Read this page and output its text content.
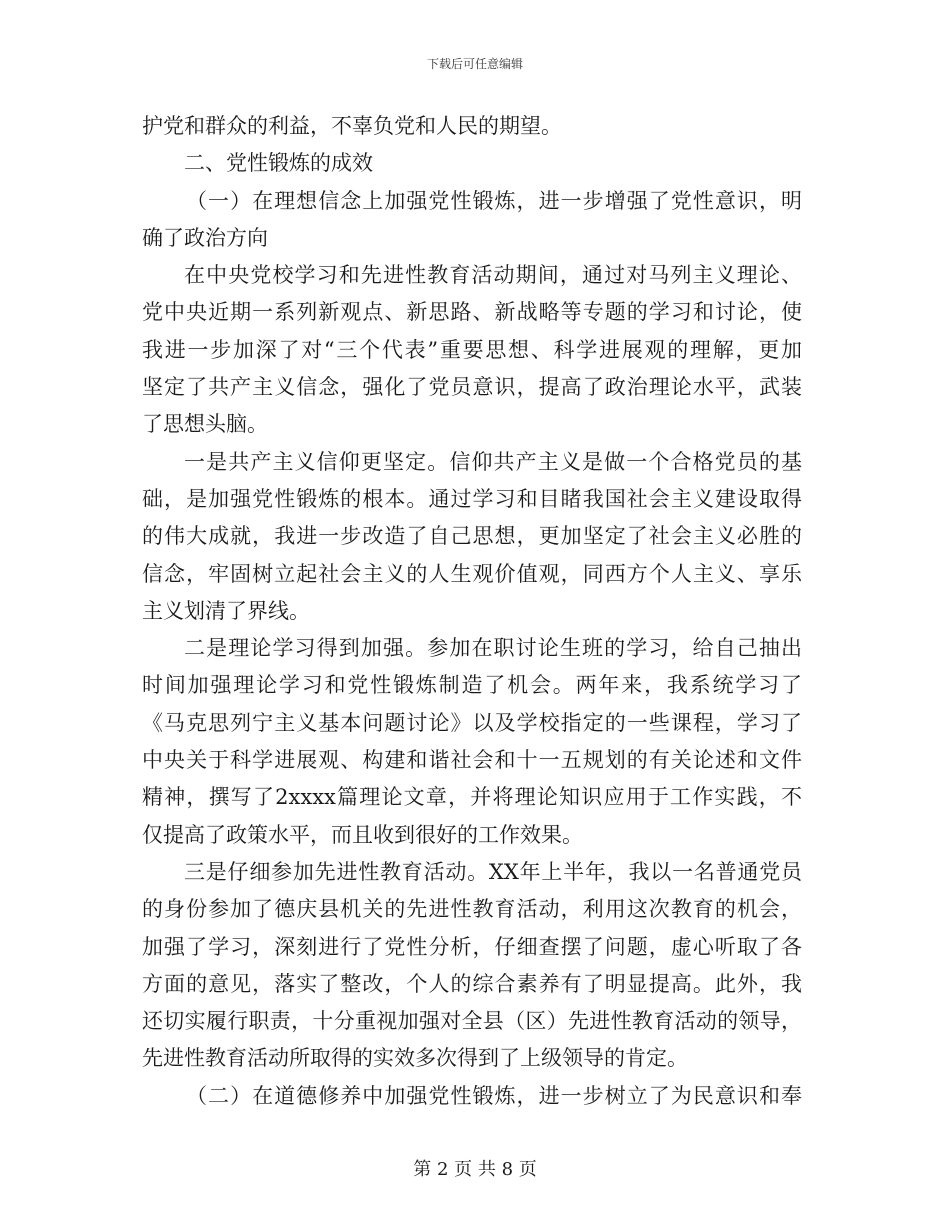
下载后可任意编辑
护党和群众的利益，不辜负党和人民的期望。
二、党性锻炼的成效
（一）在理想信念上加强党性锻炼，进一步增强了党性意识，明
确了政治方向
在中央党校学习和先进性教育活动期间，通过对马列主义理论、
党中央近期一系列新观点、新思路、新战略等专题的学习和讨论，使
我进一步加深了对“三个代表”重要思想、科学进展观的理解，更加
坚定了共产主义信念，强化了党员意识，提高了政治理论水平，武装
了思想头脑。
一是共产主义信仰更坚定。信仰共产主义是做一个合格党员的基
础，是加强党性锻炼的根本。通过学习和目睹我国社会主义建设取得
的伟大成就，我进一步改造了自己思想，更加坚定了社会主义必胜的
信念，牢固树立起社会主义的人生观价值观，同西方个人主义、享乐
主义划清了界线。
二是理论学习得到加强。参加在职讨论生班的学习，给自己抽出
时间加强理论学习和党性锻炼制造了机会。两年来，我系统学习了
《马克思列宁主义基本问题讨论》以及学校指定的一些课程，学习了
中央关于科学进展观、构建和谐社会和十一五规划的有关论述和文件
精神，撰写了2xxxx篇理论文章，并将理论知识应用于工作实践，不
仅提高了政策水平，而且收到很好的工作效果。
三是仔细参加先进性教育活动。XX年上半年，我以一名普通党员
的身份参加了德庆县机关的先进性教育活动，利用这次教育的机会，
加强了学习，深刻进行了党性分析，仔细查摆了问题，虚心听取了各
方面的意见，落实了整改，个人的综合素养有了明显提高。此外，我
还切实履行职责，十分重视加强对全县（区）先进性教育活动的领导，
先进性教育活动所取得的实效多次得到了上级领导的肯定。
（二）在道德修养中加强党性锻炼，进一步树立了为民意识和奉
第 2 页 共 8 页
